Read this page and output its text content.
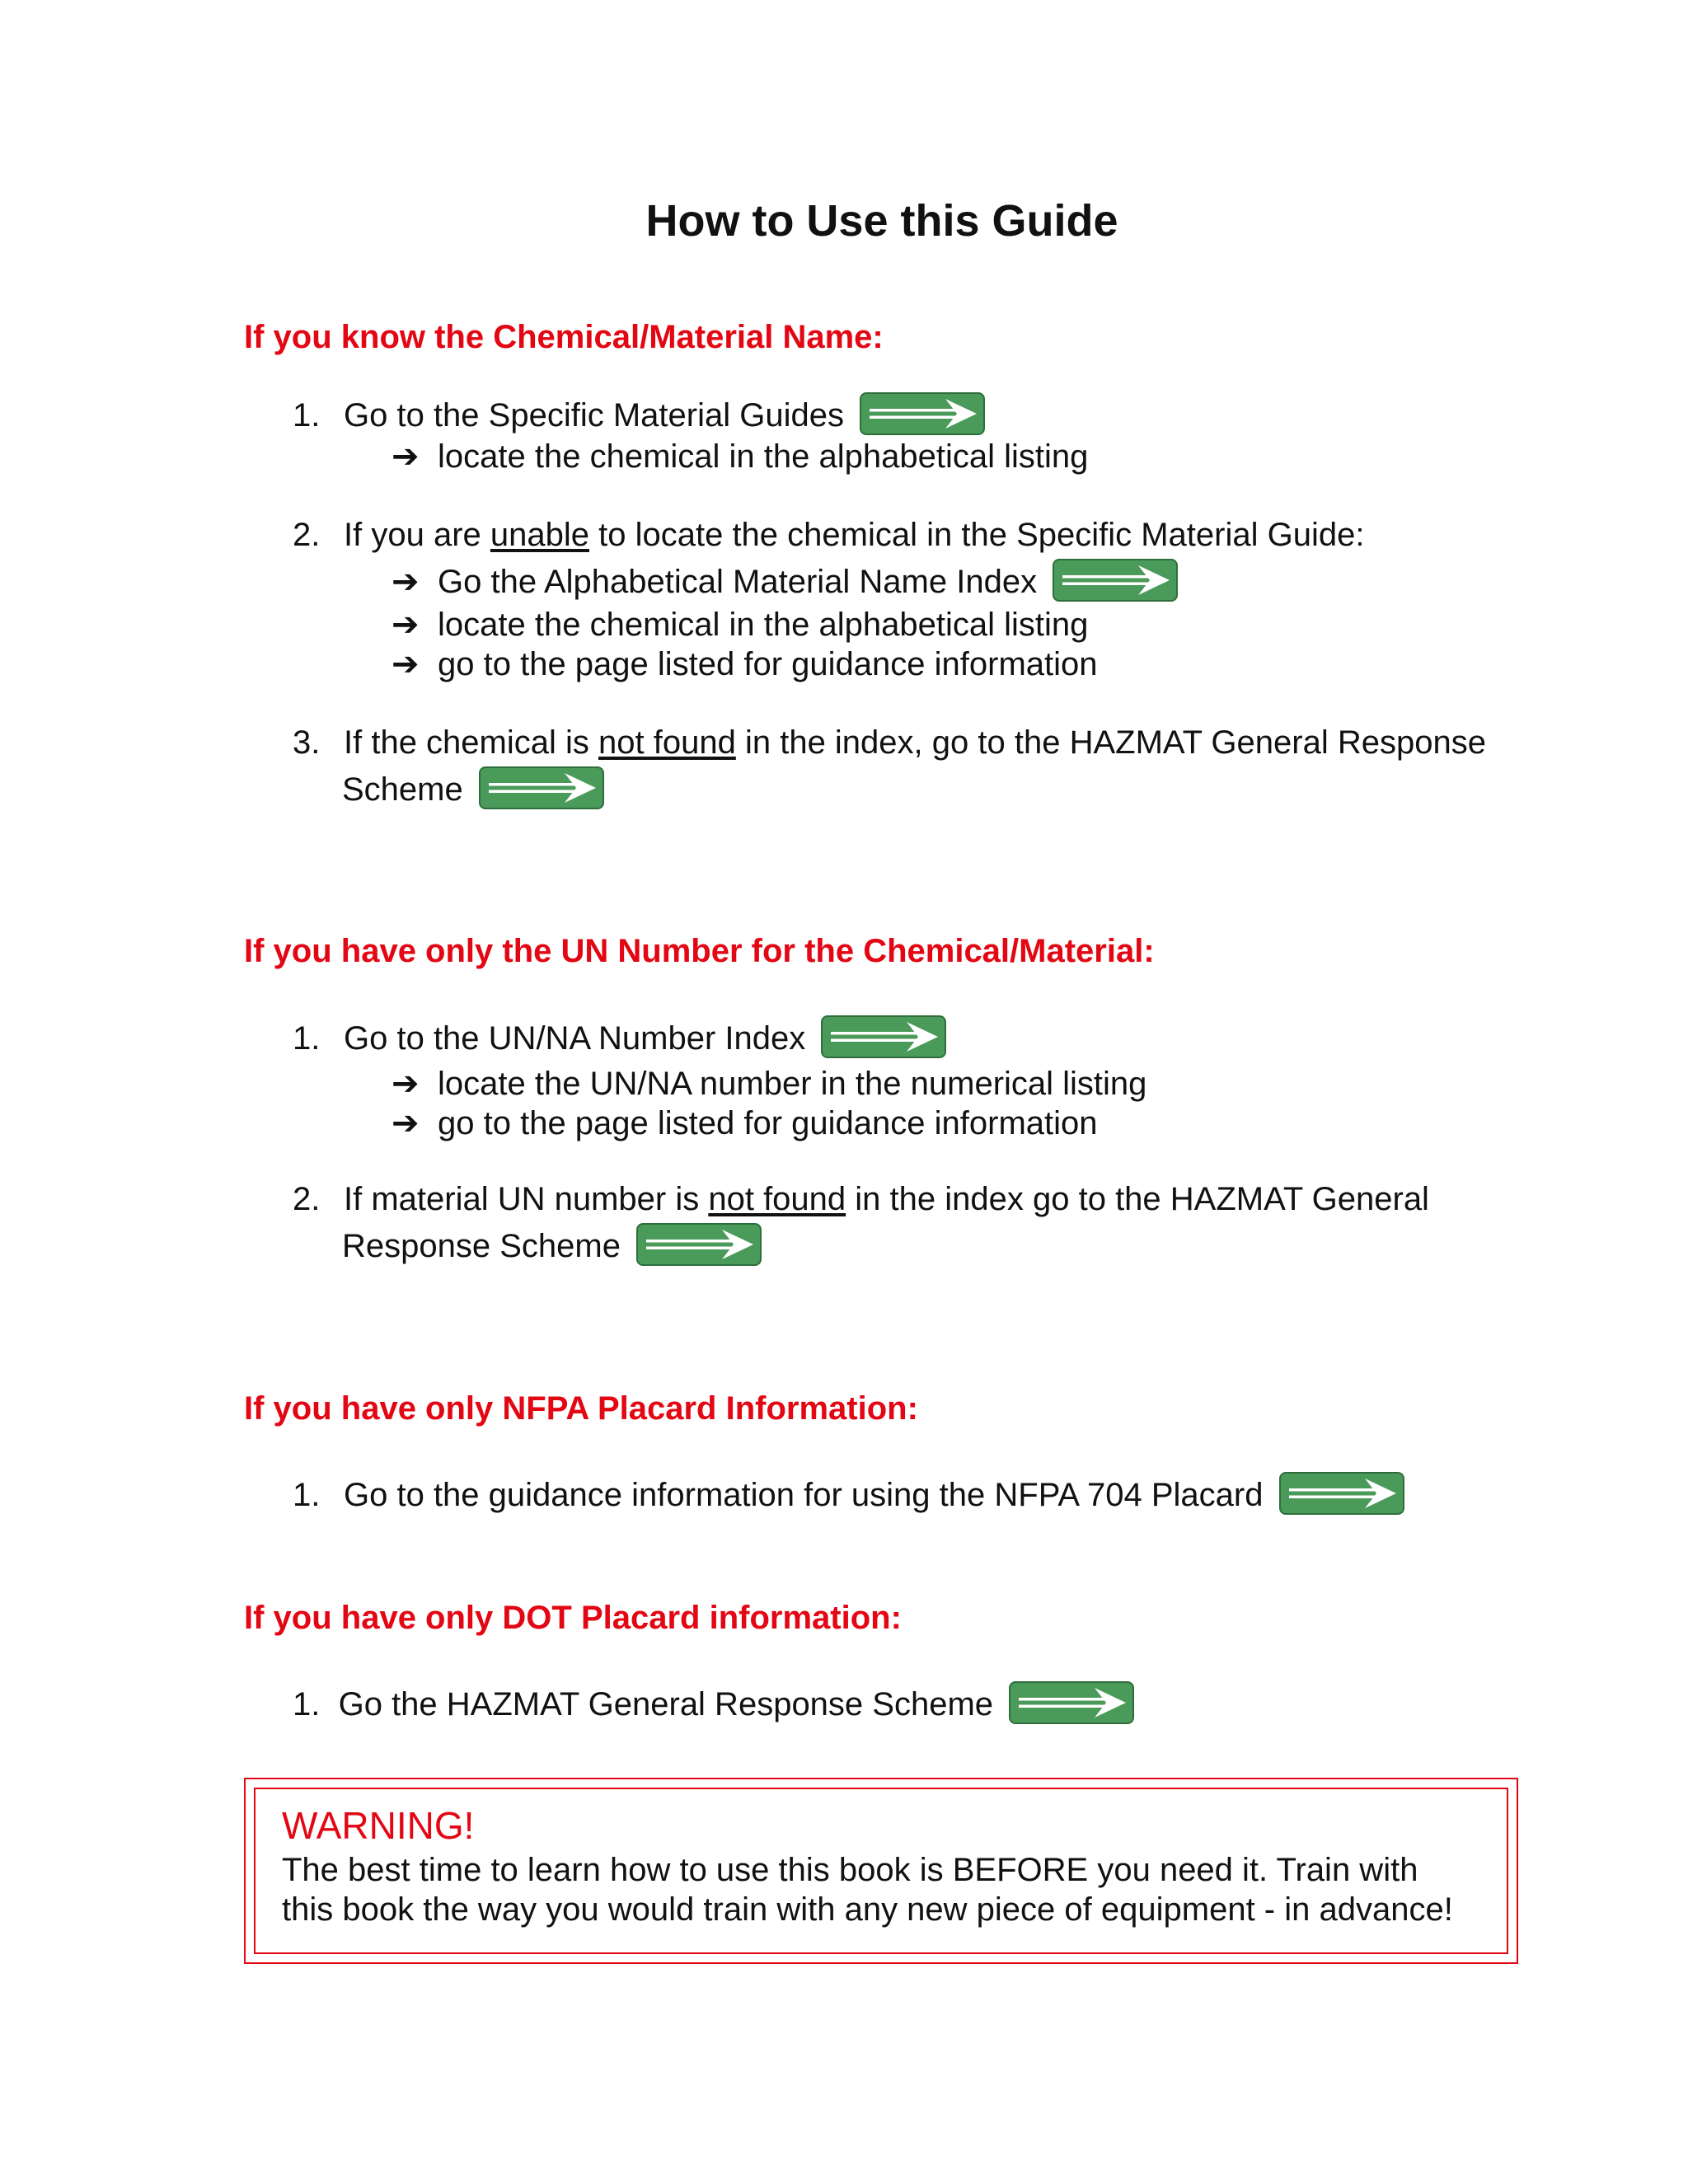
How to Use this Guide
If you know the Chemical/Material Name:
1. Go to the Specific Material Guides
➔ locate the chemical in the alphabetical listing
2. If you are unable to locate the chemical in the Specific Material Guide:
➔ Go the Alphabetical Material Name Index
➔ locate the chemical in the alphabetical listing
➔ go to the page listed for guidance information
3. If the chemical is not found in the index, go to the HAZMAT General Response
Scheme
If you have only the UN Number for the Chemical/Material:
1. Go to the UN/NA Number Index
➔ locate the UN/NA number in the numerical listing
➔ go to the page listed for guidance information
2. If material UN number is not found in the index go to the HAZMAT General
Response Scheme
If you have only NFPA Placard Information:
1. Go to the guidance information for using the NFPA 704 Placard
If you have only DOT Placard information:
1. Go the HAZMAT General Response Scheme

WARNING!

The best time to learn how to use this book is BEFORE you need it. Train with
this book the way you would train with any new piece of equipment - in advance!
